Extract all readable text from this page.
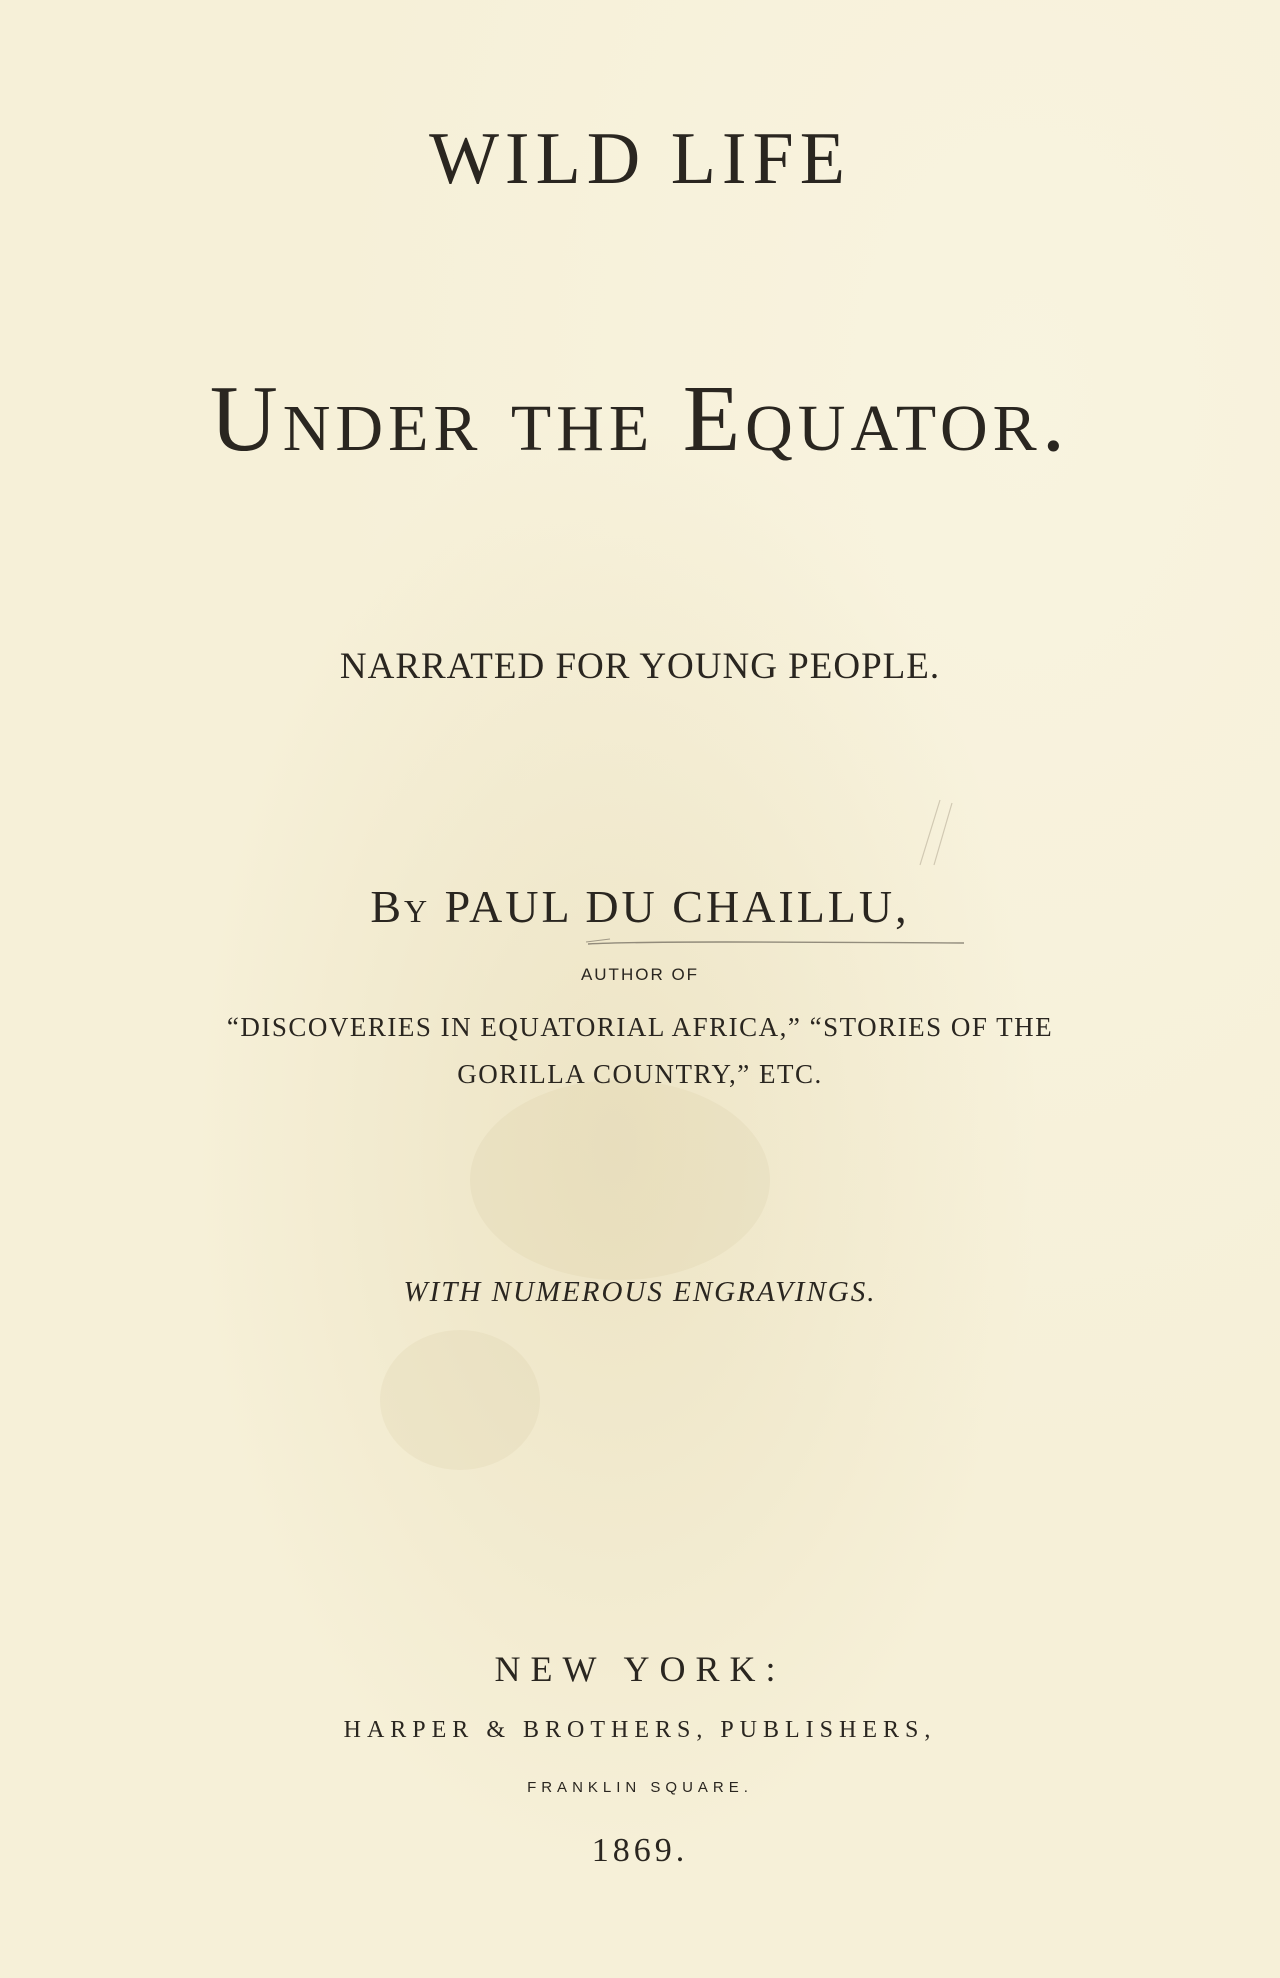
WILD LIFE
Under the Equator.
NARRATED FOR YOUNG PEOPLE.
By PAUL DU CHAILLU,
AUTHOR OF
“DISCOVERIES IN EQUATORIAL AFRICA,” “STORIES OF THE
GORILLA COUNTRY,” ETC.
WITH NUMEROUS ENGRAVINGS.
NEW YORK:
HARPER & BROTHERS, PUBLISHERS,
FRANKLIN SQUARE.
1869.
